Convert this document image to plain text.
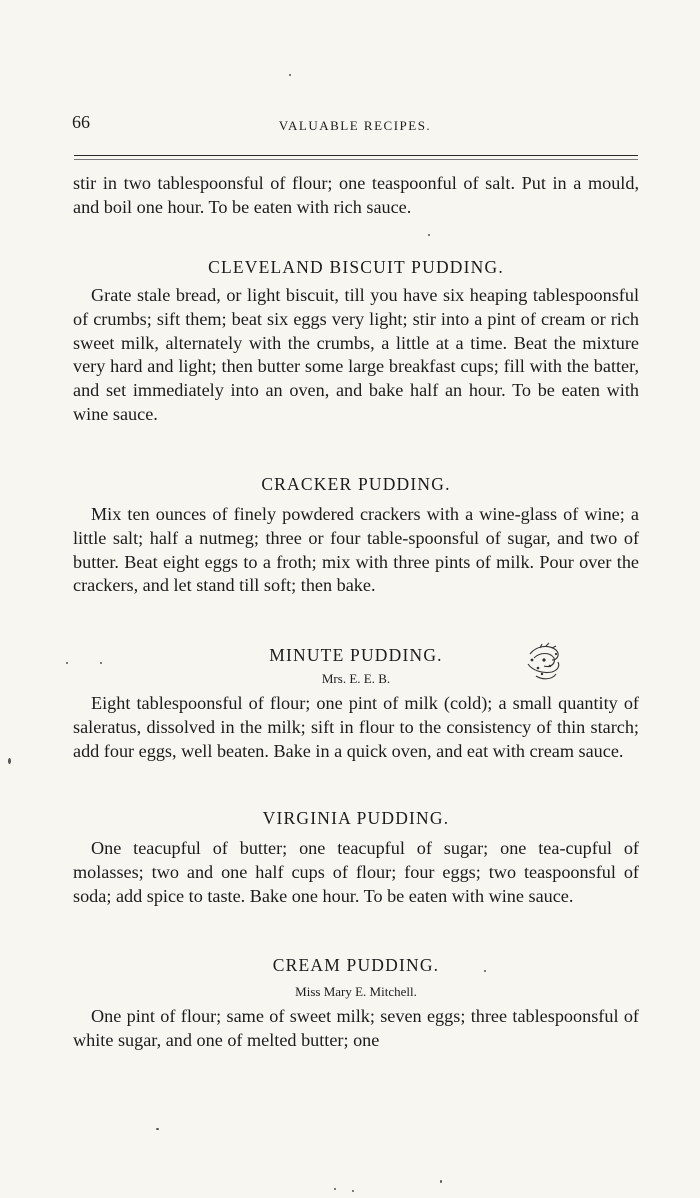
66	VALUABLE RECIPES.

stir in two tablespoonsful of flour; one teaspoonful of salt. Put in a mould, and boil one hour. To be eaten with rich sauce.

CLEVELAND BISCUIT PUDDING.

Grate stale bread, or light biscuit, till you have six heaping tablespoonsful of crumbs; sift them; beat six eggs very light; stir into a pint of cream or rich sweet milk, alternately with the crumbs, a little at a time. Beat the mixture very hard and light; then butter some large breakfast cups; fill with the batter, and set immediately into an oven, and bake half an hour. To be eaten with wine sauce.

CRACKER PUDDING.

Mix ten ounces of finely powdered crackers with a wine-glass of wine; a little salt; half a nutmeg; three or four table-spoonsful of sugar, and two of butter. Beat eight eggs to a froth; mix with three pints of milk. Pour over the crackers, and let stand till soft; then bake.

MINUTE PUDDING.
Mrs. E. E. B.

Eight tablespoonsful of flour; one pint of milk (cold); a small quantity of saleratus, dissolved in the milk; sift in flour to the consistency of thin starch; add four eggs, well beaten. Bake in a quick oven, and eat with cream sauce.

VIRGINIA PUDDING.

One teacupful of butter; one teacupful of sugar; one tea-cupful of molasses; two and one half cups of flour; four eggs; two teaspoonsful of soda; add spice to taste. Bake one hour. To be eaten with wine sauce.

CREAM PUDDING.
Miss Mary E. Mitchell.

One pint of flour; same of sweet milk; seven eggs; three tablespoonsful of white sugar, and one of melted butter; one
